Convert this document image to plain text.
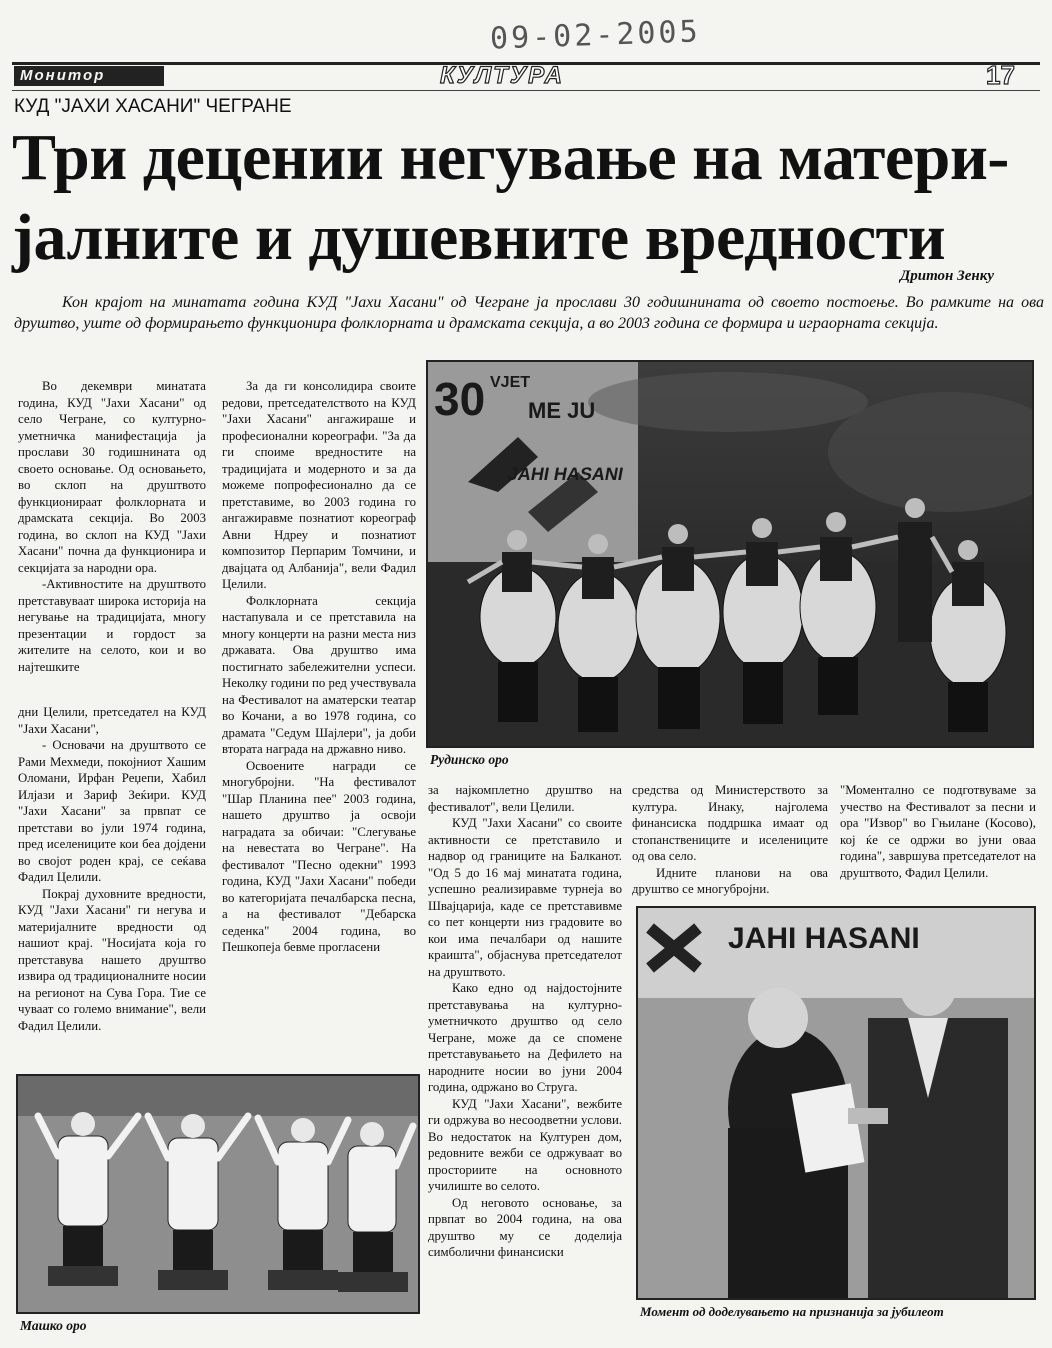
09-02-2005
Монитор	КУЛТУРА	17
КУД "ЈАХИ ХАСАНИ" ЧЕГРАНЕ
Три децении негување на матери-
јалните и душевните вредности
Дритон Зенку
Кон крајот на минатата година КУД "Јахи Хасани" од Чегране ја прослави 30 годишнината од своето постоење. Во рамките на ова друштво, уште од формирањето функционира фолклорната и драмската секција, а во 2003 година се формира и играорната секција.

Во декември минатата година, КУД "Јахи Хасани" од село Чегране, со културно-уметничка манифестација ја прослави 30 годишнината од своето основање. Од основањето, во склоп на друштвото функционираат фолклорната и драмската секција. Во 2003 година, во склоп на КУД "Јахи Хасани" почна да функционира и секцијата за народни ора.

-Активностите на друштвото претставуваат широка историја на негување на традицијата, многу презентации и гордост за жителите на селото, кои и во најтешките

дни Целили, претседател на КУД "Јахи Хасани",

- Основачи на друштвото се Рами Мехмеди, покојниот Хашим Оломани, Ирфан Реџепи, Хабил Илјази и Зариф Зеќири. КУД "Јахи Хасани" за првпат се претстави во јули 1974 година, пред иселениците кои беа дојдени во својот роден крај, се сеќава Фадил Целили.

Покрај духовните вредности, КУД "Јахи Хасани" ги негува и материјалните вредности од нашиот крај. "Носијата која го претставува нашето друштво извира од традиционалните носии на регионот на Сува Гора. Тие се чуваат со големо внимание", вели Фадил Целили.

За да ги консолидира своите редови, претседателството на КУД "Јахи Хасани" ангажираше и професионални кореографи. "За да ги споиме вредностите на традицијата и модерното и за да можеме попрофесионално да се претставиме, во 2003 година го ангажиравме познатиот кореограф Авни Ндреу и познатиот композитор Перпарим Томчини, и двајцата од Албанија", вели Фадил Целили.

Фолклорната секција настапувала и се претставила на многу концерти на разни места низ државата. Ова друштво има постигнато забележителни успеси. Неколку години по ред учествувала на Фестивалот на аматерски театар во Кочани, а во 1978 година, со драмата "Седум Шајлери", ја доби втората награда на државно ниво.

Освоените награди се многубројни. "На фестивалот "Шар Планина пее" 2003 година, нашето друштво ја освоји наградата за обичаи: "Слегување на невестата во Чегране". На фестивалот "Песно одекни" 1993 година, КУД "Јахи Хасани" победи во категоријата печалбарска песна, а на фестивалот "Дебарска седенка" 2004 година, во Пешкопеја бевме прогласени

за најкомплетно друштво на фестивалот", вели Целили.

КУД "Јахи Хасани" со своите активности се претставило и надвор од границите на Балканот. "Од 5 до 16 мај минатата година, успешно реализиравме турнеја во Швајцарија, каде се претставивме со пет концерти низ градовите во кои има печалбари од нашите краишта", објаснува претседателот на друштвото.

Како едно од најдостојните претставувања на културно-уметничкото друштво од село Чегране, може да се спомене претставувањето на Дефилето на народните носии во јуни 2004 година, одржано во Струга.

КУД "Јахи Хасани", вежбите ги одржува во несоодветни услови. Во недостаток на Културен дом, редовните вежби се одржуваат во просториите на основното училиште во селото.

Од неговото основање, за првпат во 2004 година, на ова друштво му се доделија симболични финансиски

средства од Министерството за култура. Инаку, најголема финансиска поддршка имаат од стопанствениците и иселениците од ова село.

Идните планови на ова друштво се многубројни.

"Моментално се подготвуваме за учество на Фестивалот за песни и ора "Извор" во Гњилане (Косово), кој ќе се одржи во јуни оваа година", завршува претседателот на друштвото, Фадил Целили.

30 VJET
ME JU
JAHI HASANI
Рудинско оро
Машко оро
JAHI HASANI
Момент од доделувањето на признанија за јубилеот
